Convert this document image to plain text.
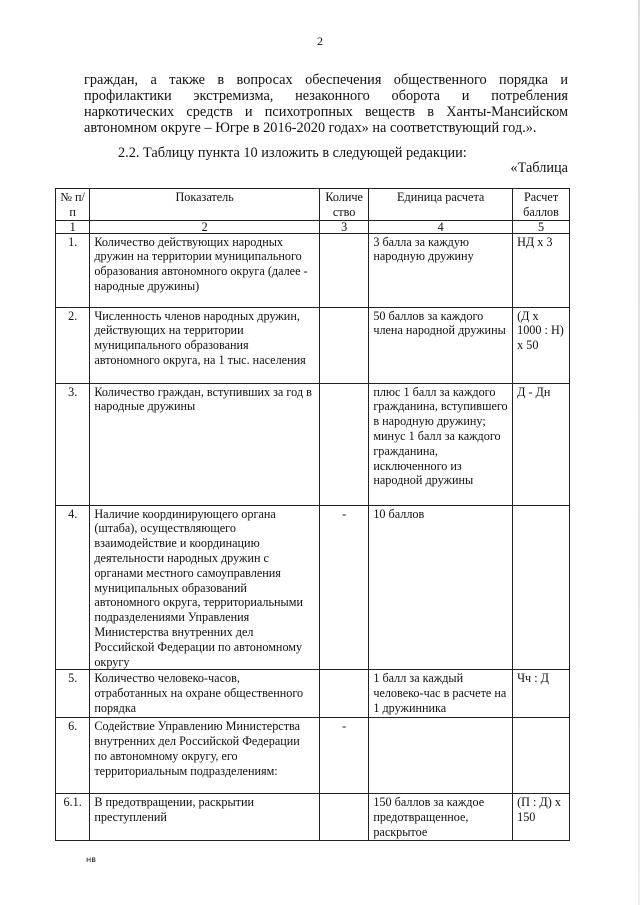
2
граждан, а также в вопросах обеспечения общественного порядка и
профилактики экстремизма, незаконного оборота и потребления
наркотических средств и психотропных веществ в Ханты-Мансийском
автономном округе – Югре в 2016-2020 годах» на соответствующий год.».
2.2. Таблицу пункта 10 изложить в следующей редакции:
«Таблица
№ п/п	Показатель	Количе ство	Единица расчета	Расчет баллов
1	2	3	4	5
1.	Количество действующих народных дружин на территории муниципального образования автономного округа (далее - народные дружины)		3 балла за каждую народную дружину	НД х 3
2.	Численность членов народных дружин, действующих на территории муниципального образования автономного округа, на 1 тыс. населения		50 баллов за каждого члена народной дружины	(Д х 1000 : Н) х 50
3.	Количество граждан, вступивших за год в народные дружины		плюс 1 балл за каждого гражданина, вступившего в народную дружину; минус 1 балл за каждого гражданина, исключенного из народной дружины	Д - Дн
4.	Наличие координирующего органа (штаба), осуществляющего взаимодействие и координацию деятельности народных дружин с органами местного самоуправления муниципальных образований автономного округа, территориальными подразделениями Управления Министерства внутренних дел Российской Федерации по автономному округу	-	10 баллов	
5.	Количество человеко-часов, отработанных на охране общественного порядка		1 балл за каждый человеко-час в расчете на 1 дружинника	Чч : Д
6.	Содействие Управлению Министерства внутренних дел Российской Федерации по автономному округу, его территориальным подразделениям:	-		
6.1.	В предотвращении, раскрытии преступлений		150 баллов за каждое предотвращенное, раскрытое	(П : Д) х 150
нв
